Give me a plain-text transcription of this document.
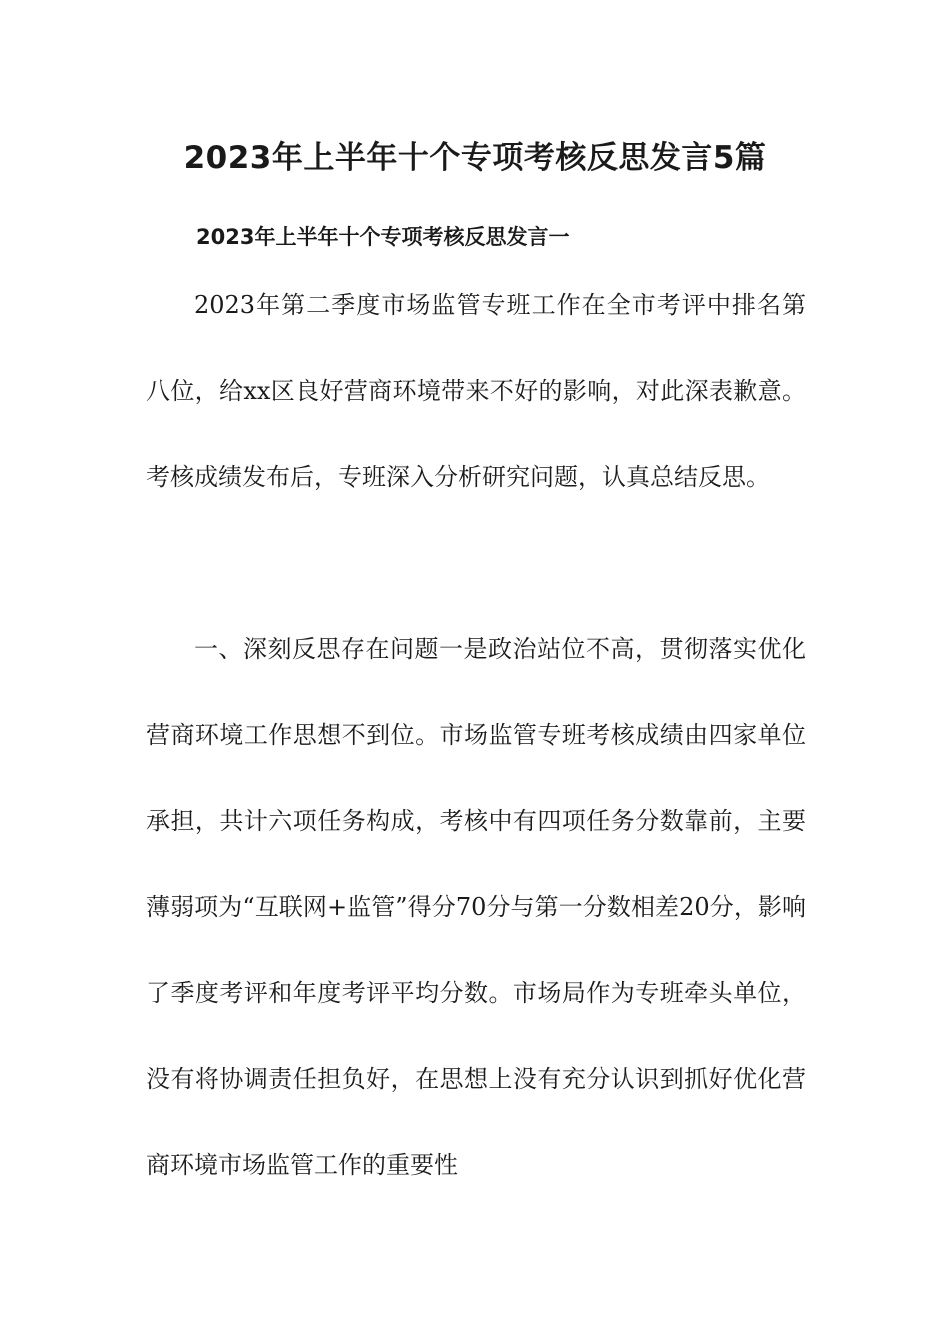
2023年上半年十个专项考核反思发言5篇
2023年上半年十个专项考核反思发言一

2023年第二季度市场监管专班工作在全市考评中排名第八位，给xx区良好营商环境带来不好的影响，对此深表歉意。考核成绩发布后，专班深入分析研究问题，认真总结反思。

一、深刻反思存在问题一是政治站位不高，贯彻落实优化营商环境工作思想不到位。市场监管专班考核成绩由四家单位承担，共计六项任务构成，考核中有四项任务分数靠前，主要薄弱项为“互联网+监管”得分70分与第一分数相差20分，影响了季度考评和年度考评平均分数。市场局作为专班牵头单位，没有将协调责任担负好，在思想上没有充分认识到抓好优化营商环境市场监管工作的重要性
